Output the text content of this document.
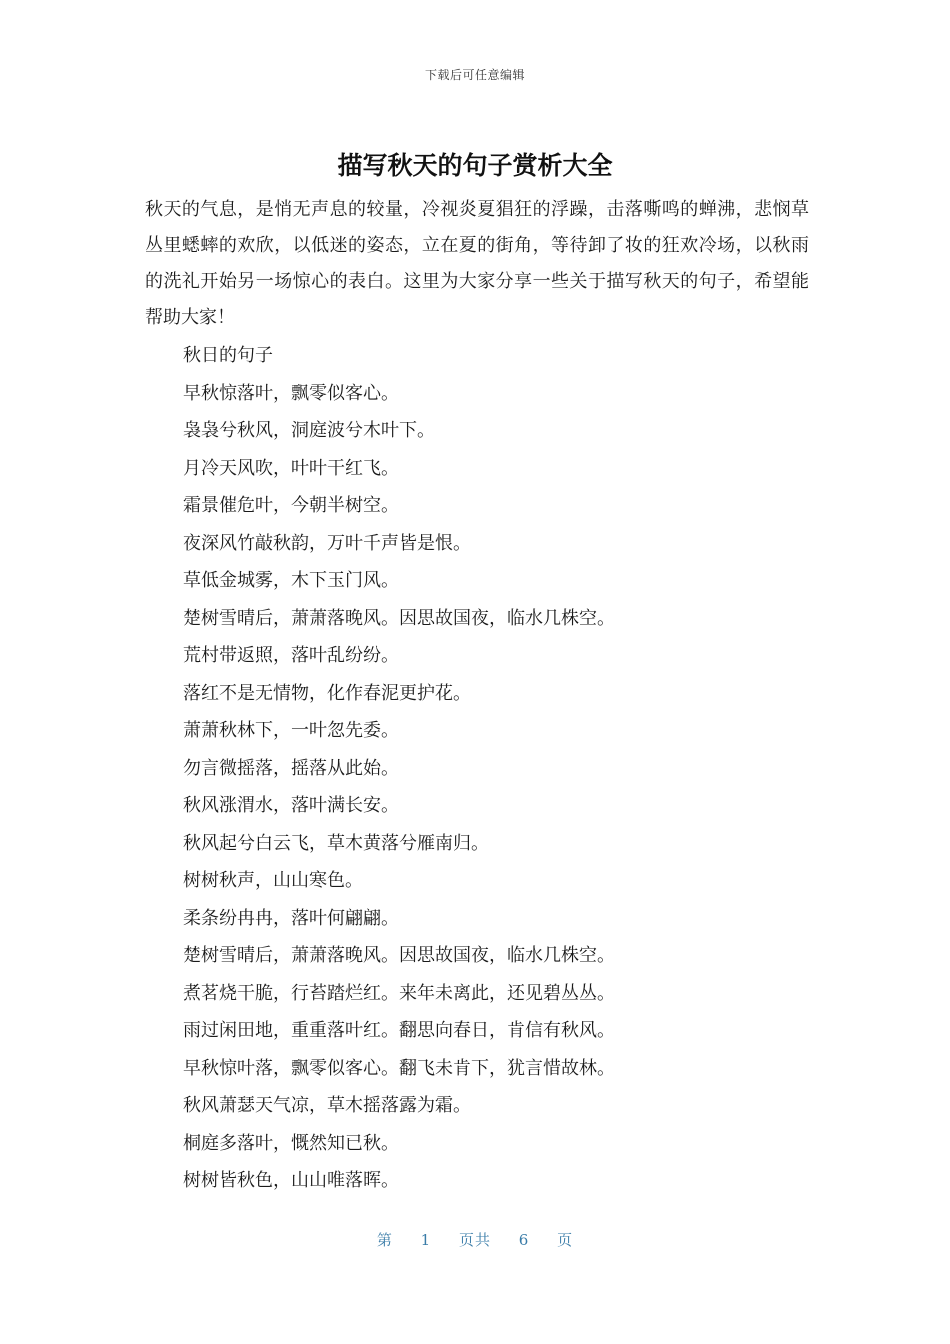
下载后可任意编辑
描写秋天的句子赏析大全

秋天的气息，是悄无声息的较量，冷视炎夏猖狂的浮躁，击落嘶鸣的蝉沸，悲悯草丛里蟋蟀的欢欣，以低迷的姿态，立在夏的街角，等待卸了妆的狂欢冷场，以秋雨的洗礼开始另一场惊心的表白。这里为大家分享一些关于描写秋天的句子，希望能帮助大家！

秋日的句子
早秋惊落叶，飘零似客心。
袅袅兮秋风，洞庭波兮木叶下。
月冷天风吹，叶叶干红飞。
霜景催危叶，今朝半树空。
夜深风竹敲秋韵，万叶千声皆是恨。
草低金城雾，木下玉门风。
楚树雪晴后，萧萧落晚风。因思故国夜，临水几株空。
荒村带返照，落叶乱纷纷。
落红不是无情物，化作春泥更护花。
萧萧秋林下，一叶忽先委。
勿言微摇落，摇落从此始。
秋风涨渭水，落叶满长安。
秋风起兮白云飞，草木黄落兮雁南归。
树树秋声，山山寒色。
柔条纷冉冉，落叶何翩翩。
楚树雪晴后，萧萧落晚风。因思故国夜，临水几株空。
煮茗烧干脆，行苔踏烂红。来年未离此，还见碧丛丛。
雨过闲田地，重重落叶红。翻思向春日，肯信有秋风。
早秋惊叶落，飘零似客心。翻飞未肯下，犹言惜故林。
秋风萧瑟天气凉，草木摇落露为霜。
桐庭多落叶，慨然知已秋。
树树皆秋色，山山唯落晖。
第 1 页共 6 页
